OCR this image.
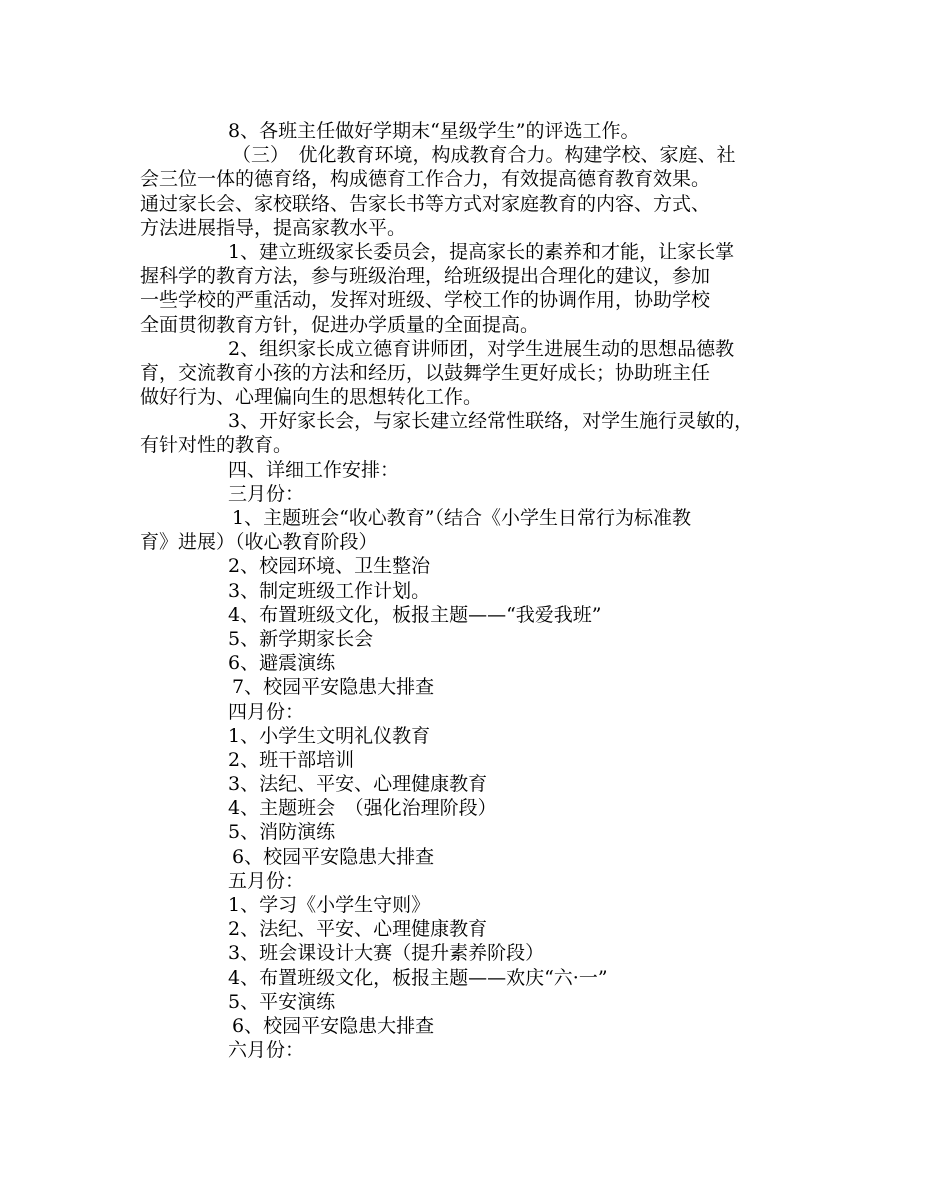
8、各班主任做好学期末“星级学生”的评选工作。
（三）　优化教育环境，构成教育合力。构建学校、家庭、社
会三位一体的德育络，构成德育工作合力，有效提高德育教育效果。
通过家长会、家校联络、告家长书等方式对家庭教育的内容、方式、
方法进展指导，提高家教水平。
1、建立班级家长委员会，提高家长的素养和才能，让家长掌
握科学的教育方法，参与班级治理，给班级提出合理化的建议，参加
一些学校的严重活动，发挥对班级、学校工作的协调作用，协助学校
全面贯彻教育方针，促进办学质量的全面提高。
2、组织家长成立德育讲师团，对学生进展生动的思想品德教
育，交流教育小孩的方法和经历，以鼓舞学生更好成长；协助班主任
做好行为、心理偏向生的思想转化工作。
3、开好家长会，与家长建立经常性联络，对学生施行灵敏的，
有针对性的教育。
四、详细工作安排：
三月份：
1、主题班会“收心教育”（结合《小学生日常行为标准教
育》进展）（收心教育阶段）
2、校园环境、卫生整治
3、制定班级工作计划。
4、布置班级文化，板报主题——“我爱我班”
5、新学期家长会
6、避震演练
7、校园平安隐患大排查
四月份：
1、小学生文明礼仪教育
2、班干部培训
3、法纪、平安、心理健康教育
4、主题班会　（强化治理阶段）
5、消防演练
6、校园平安隐患大排查
五月份：
1、学习《小学生守则》
2、法纪、平安、心理健康教育
3、班会课设计大赛（提升素养阶段）
4、布置班级文化，板报主题——欢庆“六·一”
5、平安演练
6、校园平安隐患大排查
六月份：
